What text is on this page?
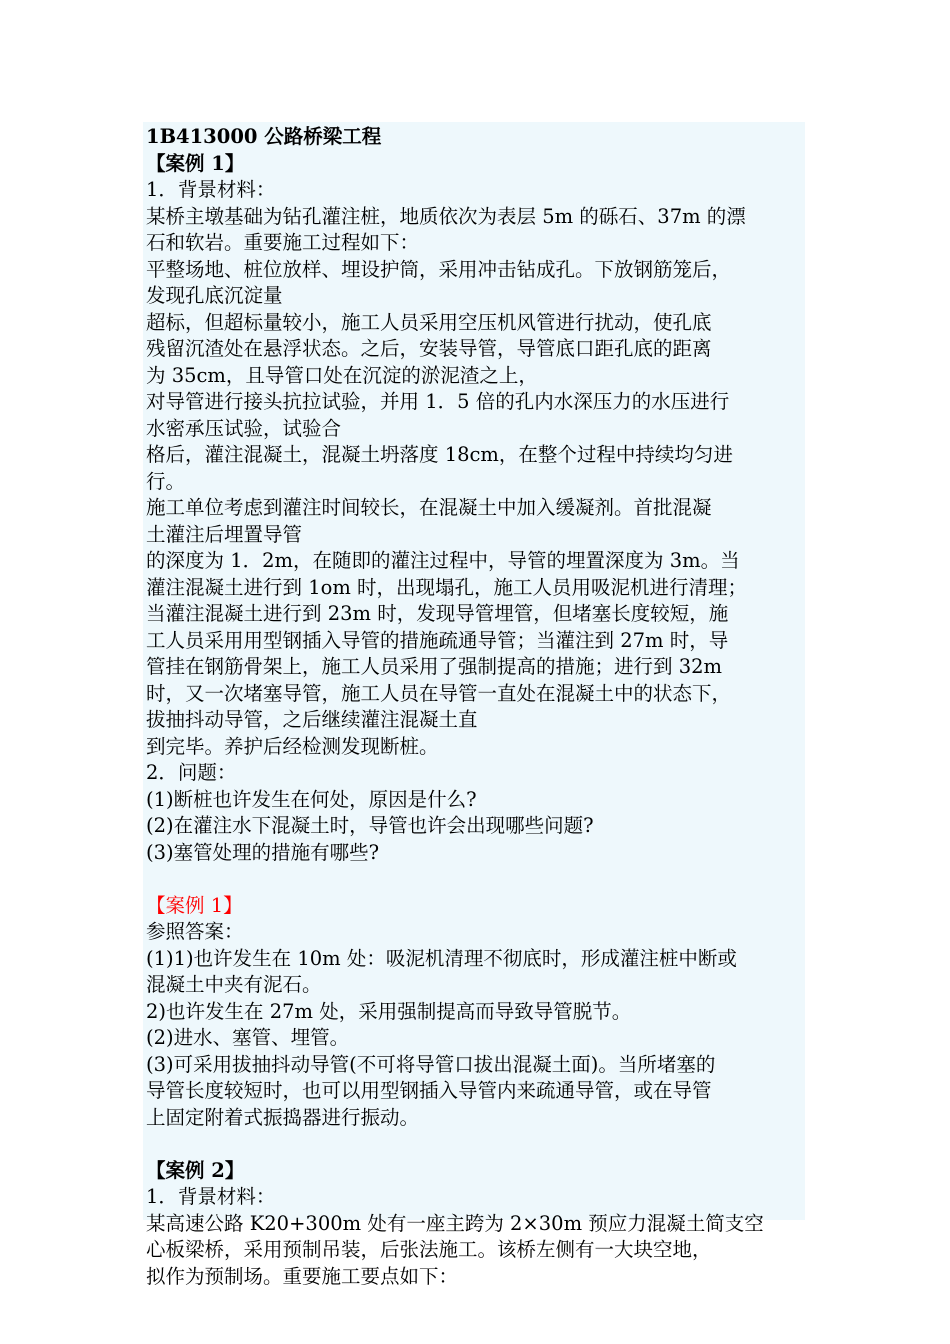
1B413000 公路桥梁工程
【案例 1】
1．背景材料：
某桥主墩基础为钻孔灌注桩，地质依次为表层 5m 的砾石、37m 的漂
石和软岩。重要施工过程如下：
平整场地、桩位放样、埋设护筒，采用冲击钻成孔。下放钢筋笼后，
发现孔底沉淀量
超标，但超标量较小，施工人员采用空压机风管进行扰动，使孔底
残留沉渣处在悬浮状态。之后，安装导管，导管底口距孔底的距离
为 35cm，且导管口处在沉淀的淤泥渣之上，
对导管进行接头抗拉试验，并用 1．5 倍的孔内水深压力的水压进行
水密承压试验，试验合
格后，灌注混凝土，混凝土坍落度 18cm，在整个过程中持续均匀进
行。
施工单位考虑到灌注时间较长，在混凝土中加入缓凝剂。首批混凝
土灌注后埋置导管
的深度为 1．2m，在随即的灌注过程中，导管的埋置深度为 3m。当
灌注混凝土进行到 1om 时，出现塌孔，施工人员用吸泥机进行清理；
当灌注混凝土进行到 23m 时，发现导管埋管，但堵塞长度较短，施
工人员采用用型钢插入导管的措施疏通导管；当灌注到 27m 时，导
管挂在钢筋骨架上，施工人员采用了强制提高的措施；进行到 32m
时，又一次堵塞导管，施工人员在导管一直处在混凝土中的状态下，
拔抽抖动导管，之后继续灌注混凝土直
到完毕。养护后经检测发现断桩。
2．问题：
(1)断桩也许发生在何处，原因是什么?
(2)在灌注水下混凝土时，导管也许会出现哪些问题?
(3)塞管处理的措施有哪些?
【案例 1】
参照答案：
(1)1)也许发生在 10m 处：吸泥机清理不彻底时，形成灌注桩中断或
混凝土中夹有泥石。
2)也许发生在 27m 处，采用强制提高而导致导管脱节。
(2)进水、塞管、埋管。
(3)可采用拔抽抖动导管(不可将导管口拔出混凝土面)。当所堵塞的
导管长度较短时，也可以用型钢插入导管内来疏通导管，或在导管
上固定附着式振捣器进行振动。
【案例 2】
1．背景材料：
某高速公路 K20+300m 处有一座主跨为 2×30m 预应力混凝土简支空
心板梁桥，采用预制吊装，后张法施工。该桥左侧有一大块空地，
拟作为预制场。重要施工要点如下：
